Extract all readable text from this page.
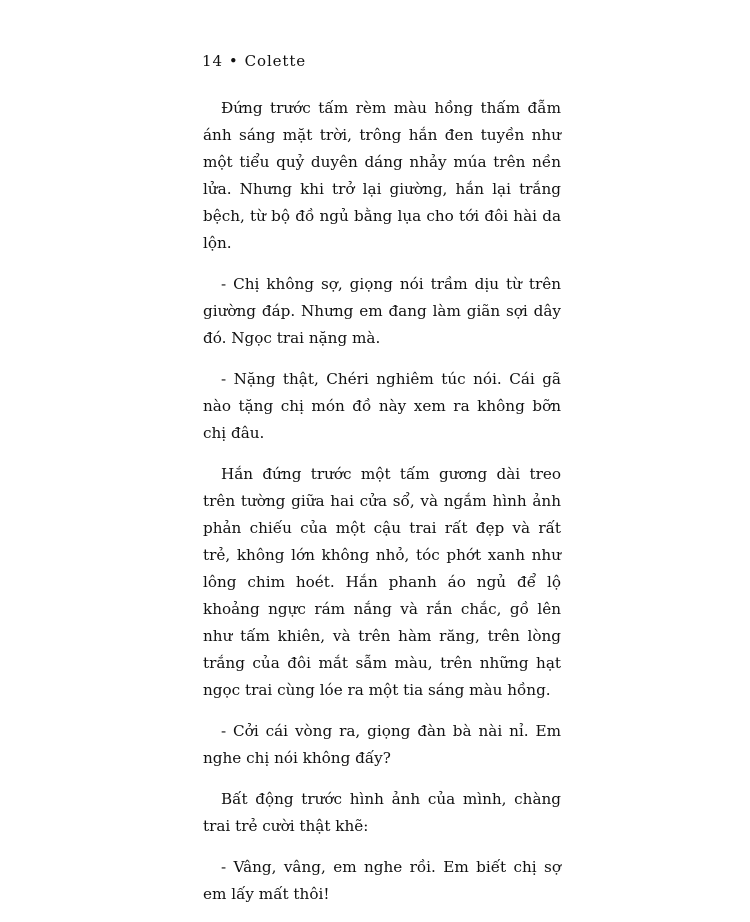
14 • Colette

Đứng trước tấm rèm màu hồng thấm đẫm ánh sáng mặt trời, trông hắn đen tuyền như một tiểu quỷ duyên dáng nhảy múa trên nền lửa. Nhưng khi trở lại giường, hắn lại trắng bệch, từ bộ đồ ngủ bằng lụa cho tới đôi hài da lộn.

- Chị không sợ, giọng nói trầm dịu từ trên giường đáp. Nhưng em đang làm giãn sợi dây đó. Ngọc trai nặng mà.

- Nặng thật, Chéri nghiêm túc nói. Cái gã nào tặng chị món đồ này xem ra không bỡn chị đâu.

Hắn đứng trước một tấm gương dài treo trên tường giữa hai cửa sổ, và ngắm hình ảnh phản chiếu của một cậu trai rất đẹp và rất trẻ, không lớn không nhỏ, tóc phớt xanh như lông chim hoét. Hắn phanh áo ngủ để lộ khoảng ngực rám nắng và rắn chắc, gồ lên như tấm khiên, và trên hàm răng, trên lòng trắng của đôi mắt sẫm màu, trên những hạt ngọc trai cùng lóe ra một tia sáng màu hồng.

- Cởi cái vòng ra, giọng đàn bà nài nỉ. Em nghe chị nói không đấy?

Bất động trước hình ảnh của mình, chàng trai trẻ cười thật khẽ:

- Vâng, vâng, em nghe rồi. Em biết chị sợ em lấy mất thôi!
